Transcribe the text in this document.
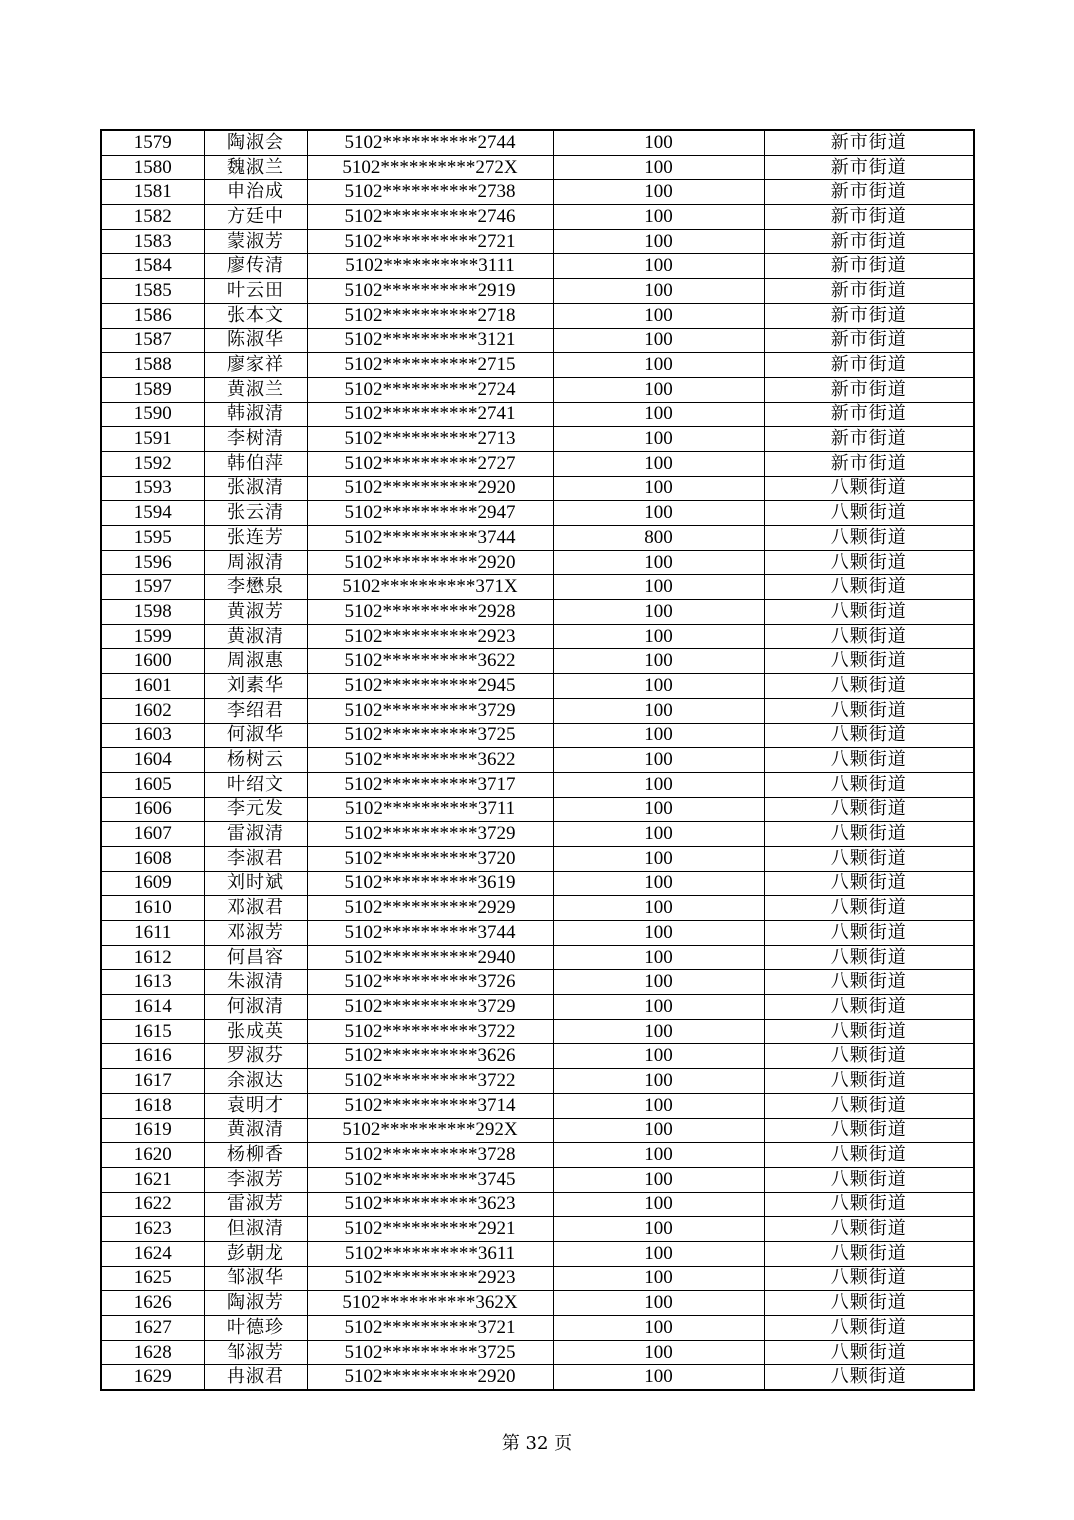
1579	陶淑会	5102**********2744	100	新市街道
1580	魏淑兰	5102**********272X	100	新市街道
1581	申治成	5102**********2738	100	新市街道
1582	方廷中	5102**********2746	100	新市街道
1583	蒙淑芳	5102**********2721	100	新市街道
1584	廖传清	5102**********3111	100	新市街道
1585	叶云田	5102**********2919	100	新市街道
1586	张本文	5102**********2718	100	新市街道
1587	陈淑华	5102**********3121	100	新市街道
1588	廖家祥	5102**********2715	100	新市街道
1589	黄淑兰	5102**********2724	100	新市街道
1590	韩淑清	5102**********2741	100	新市街道
1591	李树清	5102**********2713	100	新市街道
1592	韩伯萍	5102**********2727	100	新市街道
1593	张淑清	5102**********2920	100	八颗街道
1594	张云清	5102**********2947	100	八颗街道
1595	张连芳	5102**********3744	800	八颗街道
1596	周淑清	5102**********2920	100	八颗街道
1597	李懋泉	5102**********371X	100	八颗街道
1598	黄淑芳	5102**********2928	100	八颗街道
1599	黄淑清	5102**********2923	100	八颗街道
1600	周淑惠	5102**********3622	100	八颗街道
1601	刘素华	5102**********2945	100	八颗街道
1602	李绍君	5102**********3729	100	八颗街道
1603	何淑华	5102**********3725	100	八颗街道
1604	杨树云	5102**********3622	100	八颗街道
1605	叶绍文	5102**********3717	100	八颗街道
1606	李元发	5102**********3711	100	八颗街道
1607	雷淑清	5102**********3729	100	八颗街道
1608	李淑君	5102**********3720	100	八颗街道
1609	刘时斌	5102**********3619	100	八颗街道
1610	邓淑君	5102**********2929	100	八颗街道
1611	邓淑芳	5102**********3744	100	八颗街道
1612	何昌容	5102**********2940	100	八颗街道
1613	朱淑清	5102**********3726	100	八颗街道
1614	何淑清	5102**********3729	100	八颗街道
1615	张成英	5102**********3722	100	八颗街道
1616	罗淑芬	5102**********3626	100	八颗街道
1617	余淑达	5102**********3722	100	八颗街道
1618	袁明才	5102**********3714	100	八颗街道
1619	黄淑清	5102**********292X	100	八颗街道
1620	杨柳香	5102**********3728	100	八颗街道
1621	李淑芳	5102**********3745	100	八颗街道
1622	雷淑芳	5102**********3623	100	八颗街道
1623	但淑清	5102**********2921	100	八颗街道
1624	彭朝龙	5102**********3611	100	八颗街道
1625	邹淑华	5102**********2923	100	八颗街道
1626	陶淑芳	5102**********362X	100	八颗街道
1627	叶德珍	5102**********3721	100	八颗街道
1628	邹淑芳	5102**********3725	100	八颗街道
1629	冉淑君	5102**********2920	100	八颗街道
第 32 页
